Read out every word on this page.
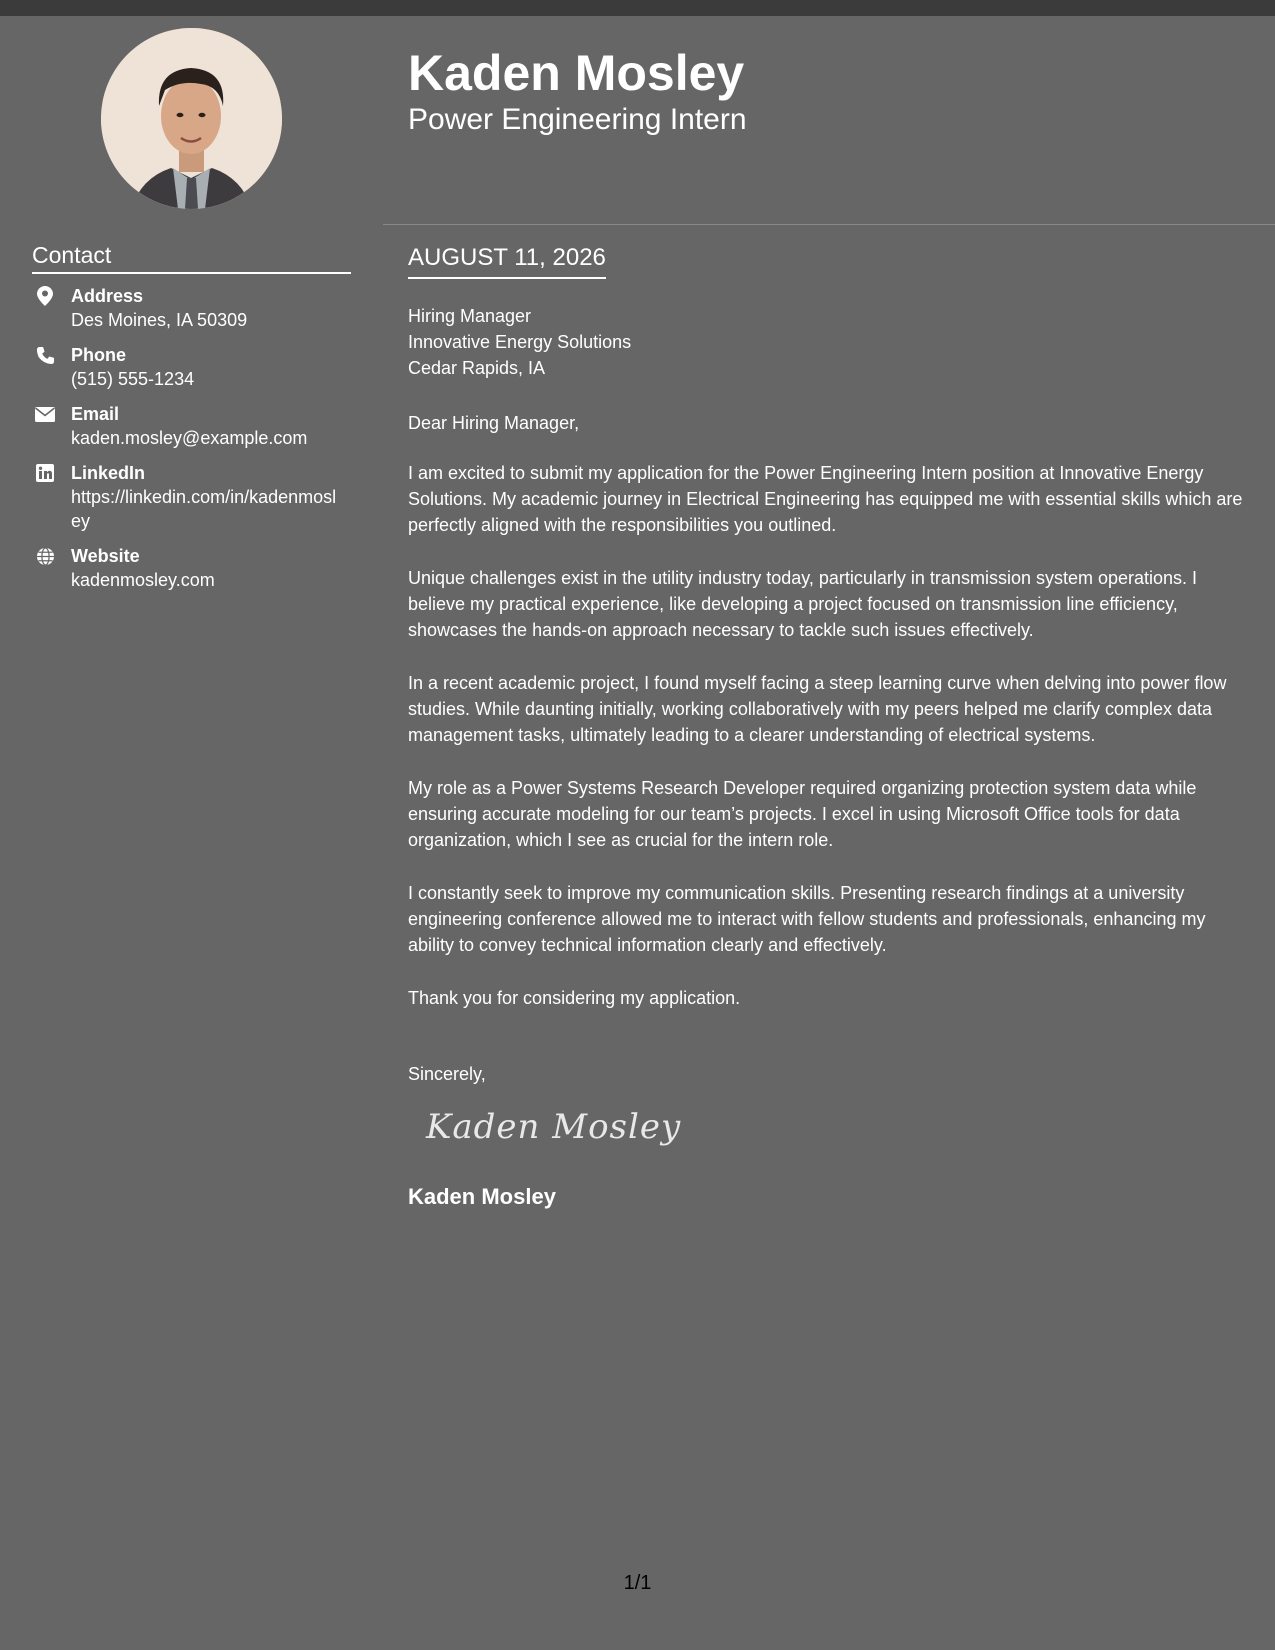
Contact
Address
Des Moines, IA 50309
Phone
(515) 555-1234
Email
kaden.mosley@example.com
LinkedIn
https://linkedin.com/in/kadenmosley
Website
kadenmosley.com
Kaden Mosley
Power Engineering Intern
AUGUST 11, 2026
Hiring Manager
Innovative Energy Solutions
Cedar Rapids, IA

Dear Hiring Manager,

I am excited to submit my application for the Power Engineering Intern position at Innovative Energy Solutions. My academic journey in Electrical Engineering has equipped me with essential skills which are perfectly aligned with the responsibilities you outlined.

Unique challenges exist in the utility industry today, particularly in transmission system operations. I believe my practical experience, like developing a project focused on transmission line efficiency, showcases the hands-on approach necessary to tackle such issues effectively.

In a recent academic project, I found myself facing a steep learning curve when delving into power flow studies. While daunting initially, working collaboratively with my peers helped me clarify complex data management tasks, ultimately leading to a clearer understanding of electrical systems.

My role as a Power Systems Research Developer required organizing protection system data while ensuring accurate modeling for our team’s projects. I excel in using Microsoft Office tools for data organization, which I see as crucial for the intern role.

I constantly seek to improve my communication skills. Presenting research findings at a university engineering conference allowed me to interact with fellow students and professionals, enhancing my ability to convey technical information clearly and effectively.

Thank you for considering my application.

Sincerely,

Kaden Mosley
Kaden Mosley
1/1
